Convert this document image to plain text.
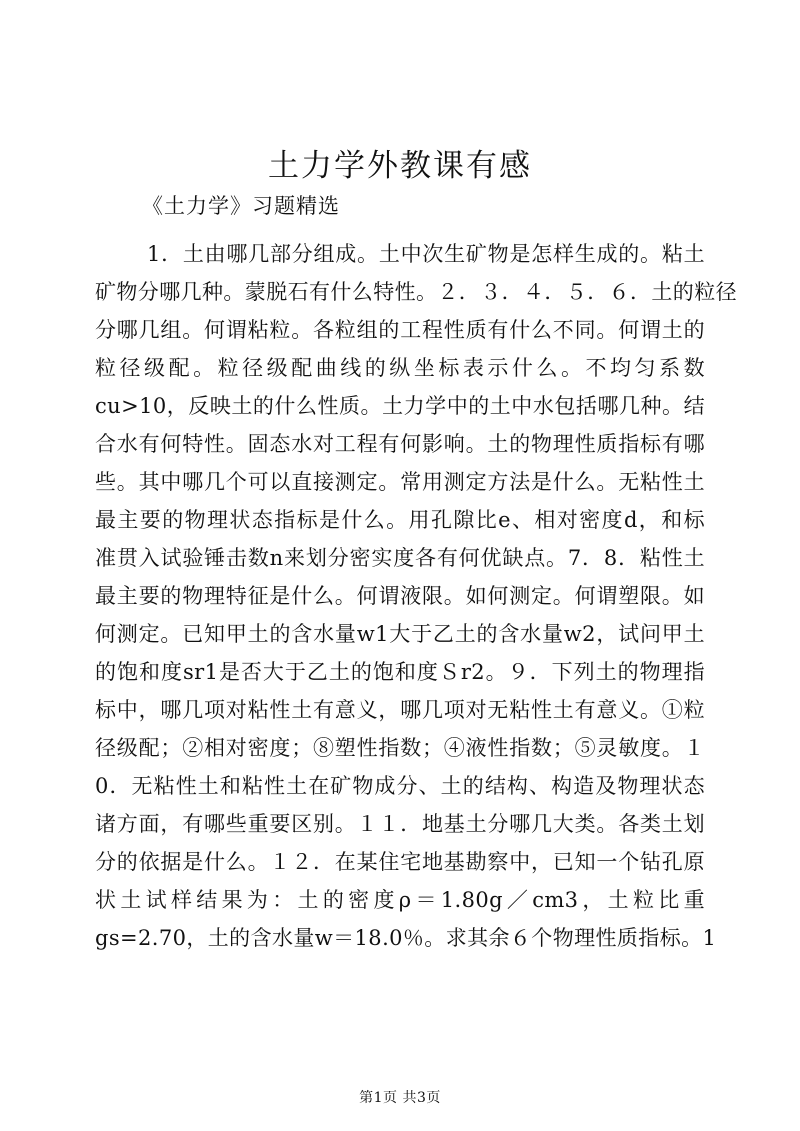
土力学外教课有感
《土力学》习题精选
1．土由哪几部分组成。土中次生矿物是怎样生成的。粘土
矿物分哪几种。蒙脱石有什么特性。２．３．４．５．６．土的粒径
分哪几组。何谓粘粒。各粒组的工程性质有什么不同。何谓土的
粒径级配。粒径级配曲线的纵坐标表示什么。不均匀系数
cu>10，反映土的什么性质。土力学中的土中水包括哪几种。结
合水有何特性。固态水对工程有何影响。土的物理性质指标有哪
些。其中哪几个可以直接测定。常用测定方法是什么。无粘性土
最主要的物理状态指标是什么。用孔隙比e、相对密度d，和标
准贯入试验锤击数n来划分密实度各有何优缺点。7．8．粘性土
最主要的物理特征是什么。何谓液限。如何测定。何谓塑限。如
何测定。已知甲土的含水量w1大于乙土的含水量w2，试问甲土
的饱和度sr1是否大于乙土的饱和度Ｓr2。９．下列土的物理指
标中，哪几项对粘性土有意义，哪几项对无粘性土有意义。①粒
径级配；②相对密度；⑧塑性指数；④液性指数；⑤灵敏度。１
0．无粘性土和粘性土在矿物成分、土的结构、构造及物理状态
诸方面，有哪些重要区别。１１．地基土分哪几大类。各类土划
分的依据是什么。１２．在某住宅地基勘察中，已知一个钻孔原
状土试样结果为：土的密度ρ＝1.80g／cm3，土粒比重
gs=2.70，土的含水量w＝18.0％。求其余６个物理性质指标。1
第1页 共3页
